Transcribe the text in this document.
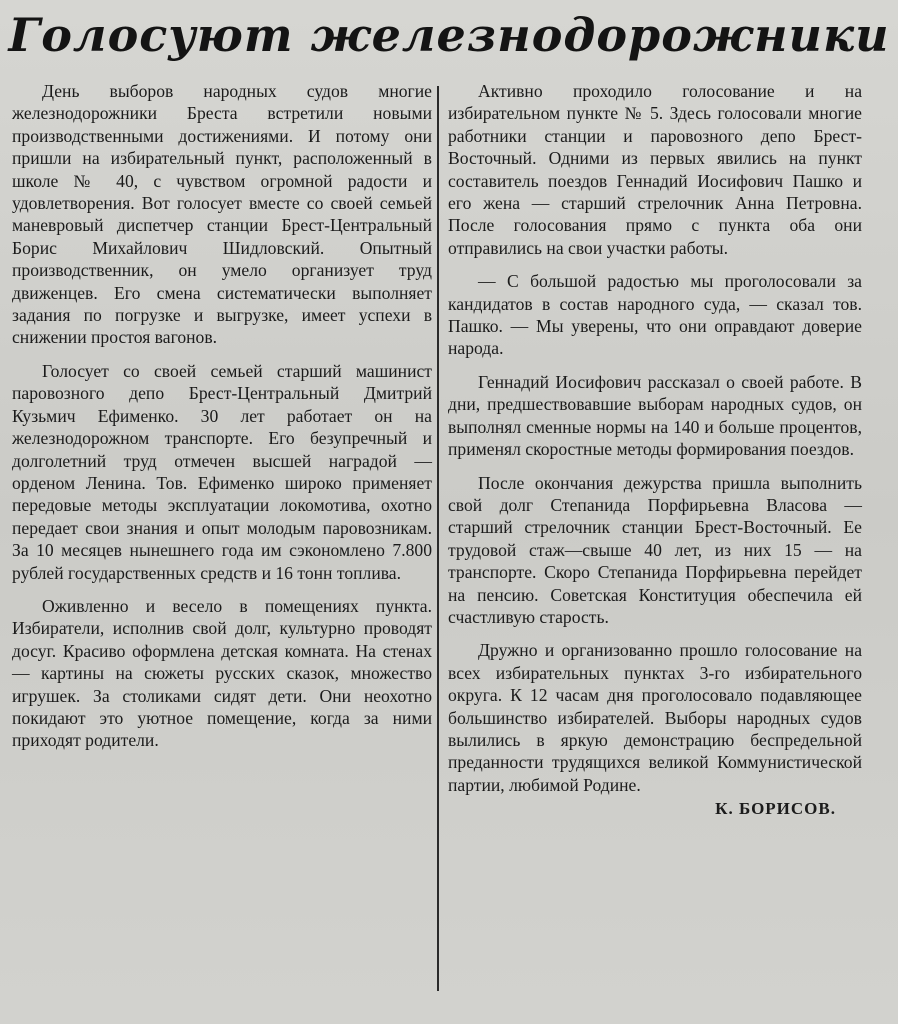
Голосуют железнодорожники

День выборов народных судов многие железнодорожники Бреста встретили новыми производственными достижениями. И потому они пришли на избирательный пункт, расположенный в школе № 40, с чувством огромной радости и удовлетворения. Вот голосует вместе со своей семьей маневровый диспетчер станции Брест-Центральный Борис Михайлович Шидловский. Опытный производственник, он умело организует труд движенцев. Его смена систематически выполняет задания по погрузке и выгрузке, имеет успехи в снижении простоя вагонов.

Голосует со своей семьей старший машинист паровозного депо Брест-Центральный Дмитрий Кузьмич Ефименко. 30 лет работает он на железнодорожном транспорте. Его безупречный и долголетний труд отмечен высшей наградой — орденом Ленина. Тов. Ефименко широко применяет передовые методы эксплуатации локомотива, охотно передает свои знания и опыт молодым паровозникам. За 10 месяцев нынешнего года им сэкономлено 7.800 рублей государственных средств и 16 тонн топлива.

Оживленно и весело в помещениях пункта. Избиратели, исполнив свой долг, культурно проводят досуг. Красиво оформлена детская комната. На стенах — картины на сюжеты русских сказок, множество игрушек. За столиками сидят дети. Они неохотно покидают это уютное помещение, когда за ними приходят родители.

Активно проходило голосование и на избирательном пункте № 5. Здесь голосовали многие работники станции и паровозного депо Брест-Восточный. Одними из первых явились на пункт составитель поездов Геннадий Иосифович Пашко и его жена — старший стрелочник Анна Петровна. После голосования прямо с пункта оба они отправились на свои участки работы.

— С большой радостью мы проголосовали за кандидатов в состав народного суда, — сказал тов. Пашко. — Мы уверены, что они оправдают доверие народа.

Геннадий Иосифович рассказал о своей работе. В дни, предшествовавшие выборам народных судов, он выполнял сменные нормы на 140 и больше процентов, применял скоростные методы формирования поездов.

После окончания дежурства пришла выполнить свой долг Степанида Порфирьевна Власова — старший стрелочник станции Брест-Восточный. Ее трудовой стаж—свыше 40 лет, из них 15 — на транспорте. Скоро Степанида Порфирьевна перейдет на пенсию. Советская Конституция обеспечила ей счастливую старость.

Дружно и организованно прошло голосование на всех избирательных пунктах 3-го избирательного округа. К 12 часам дня проголосовало подавляющее большинство избирателей. Выборы народных судов вылились в яркую демонстрацию беспредельной преданности трудящихся великой Коммунистической партии, любимой Родине.

К. БОРИСОВ.
